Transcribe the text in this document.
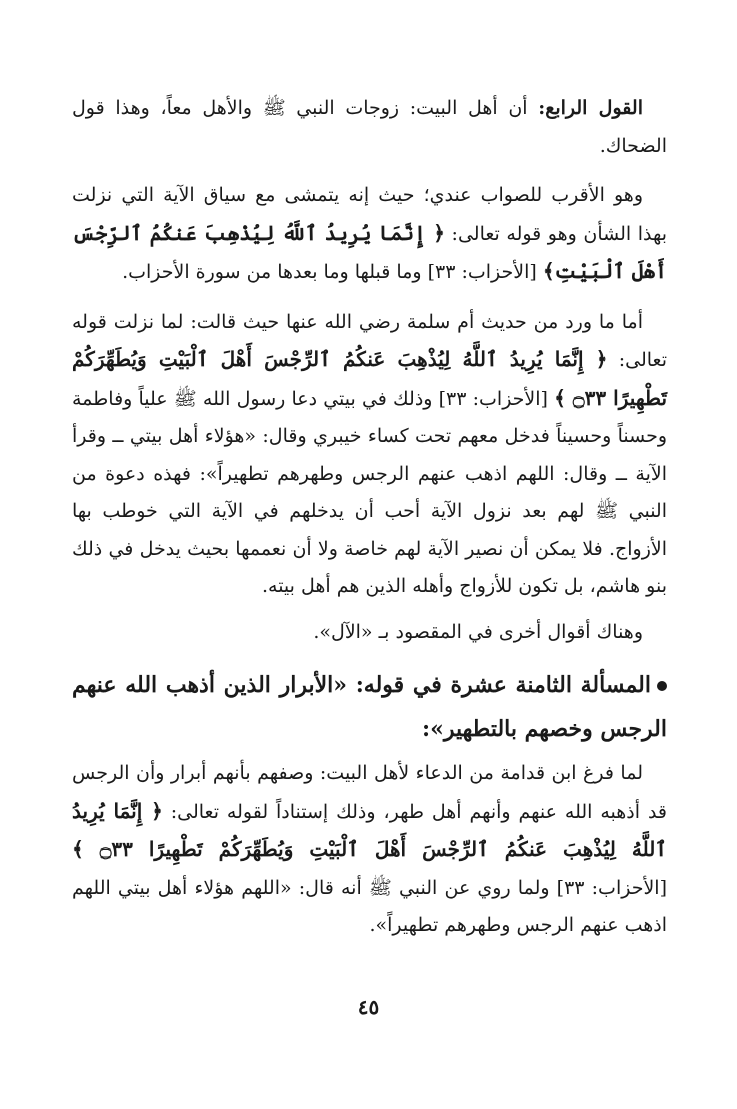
القول الرابع: أن أهل البيت: زوجات النبي ﷺ والأهل معاً، وهذا قول الضحاك.

وهو الأقرب للصواب عندي؛ حيث إنه يتمشى مع سياق الآية التي نزلت بهذا الشأن وهو قوله تعالى: ﴿ إِنَّمَا يُرِيدُ ٱللَّهُ لِيُذْهِبَ عَنكُمُ ٱلرِّجْسَ أَهْلَ ٱلْبَيْتِ﴾ [الأحزاب: ٣٣] وما قبلها وما بعدها من سورة الأحزاب.

أما ما ورد من حديث أم سلمة رضي الله عنها حيث قالت: لما نزلت قوله تعالى: ﴿ إِنَّمَا يُرِيدُ ٱللَّهُ لِيُذْهِبَ عَنكُمُ ٱلرِّجْسَ أَهْلَ ٱلْبَيْتِ وَيُطَهِّرَكُمْ تَطْهِيرًا ۝٣٣ ﴾ [الأحزاب: ٣٣] وذلك في بيتي دعا رسول الله ﷺ علياً وفاطمة وحسناً وحسيناً فدخل معهم تحت كساء خيبري وقال: «هؤلاء أهل بيتي ــ وقرأ الآية ــ وقال: اللهم اذهب عنهم الرجس وطهرهم تطهيراً»: فهذه دعوة من النبي ﷺ لهم بعد نزول الآية أحب أن يدخلهم في الآية التي خوطب بها الأزواج. فلا يمكن أن نصير الآية لهم خاصة ولا أن نعممها بحيث يدخل في ذلك بنو هاشم، بل تكون للأزواج وأهله الذين هم أهل بيته.

وهناك أقوال أخرى في المقصود بـ «الآل».

المسألة الثامنة عشرة في قوله: «الأبرار الذين أذهب الله عنهم الرجس وخصهم بالتطهير»:

لما فرغ ابن قدامة من الدعاء لأهل البيت: وصفهم بأنهم أبرار وأن الرجس قد أذهبه الله عنهم وأنهم أهل طهر، وذلك إستناداً لقوله تعالى: ﴿ إِنَّمَا يُرِيدُ ٱللَّهُ لِيُذْهِبَ عَنكُمُ ٱلرِّجْسَ أَهْلَ ٱلْبَيْتِ وَيُطَهِّرَكُمْ تَطْهِيرًا ۝٣٣ ﴾ [الأحزاب: ٣٣] ولما روي عن النبي ﷺ أنه قال: «اللهم هؤلاء أهل بيتي اللهم اذهب عنهم الرجس وطهرهم تطهيراً».

٤٥
